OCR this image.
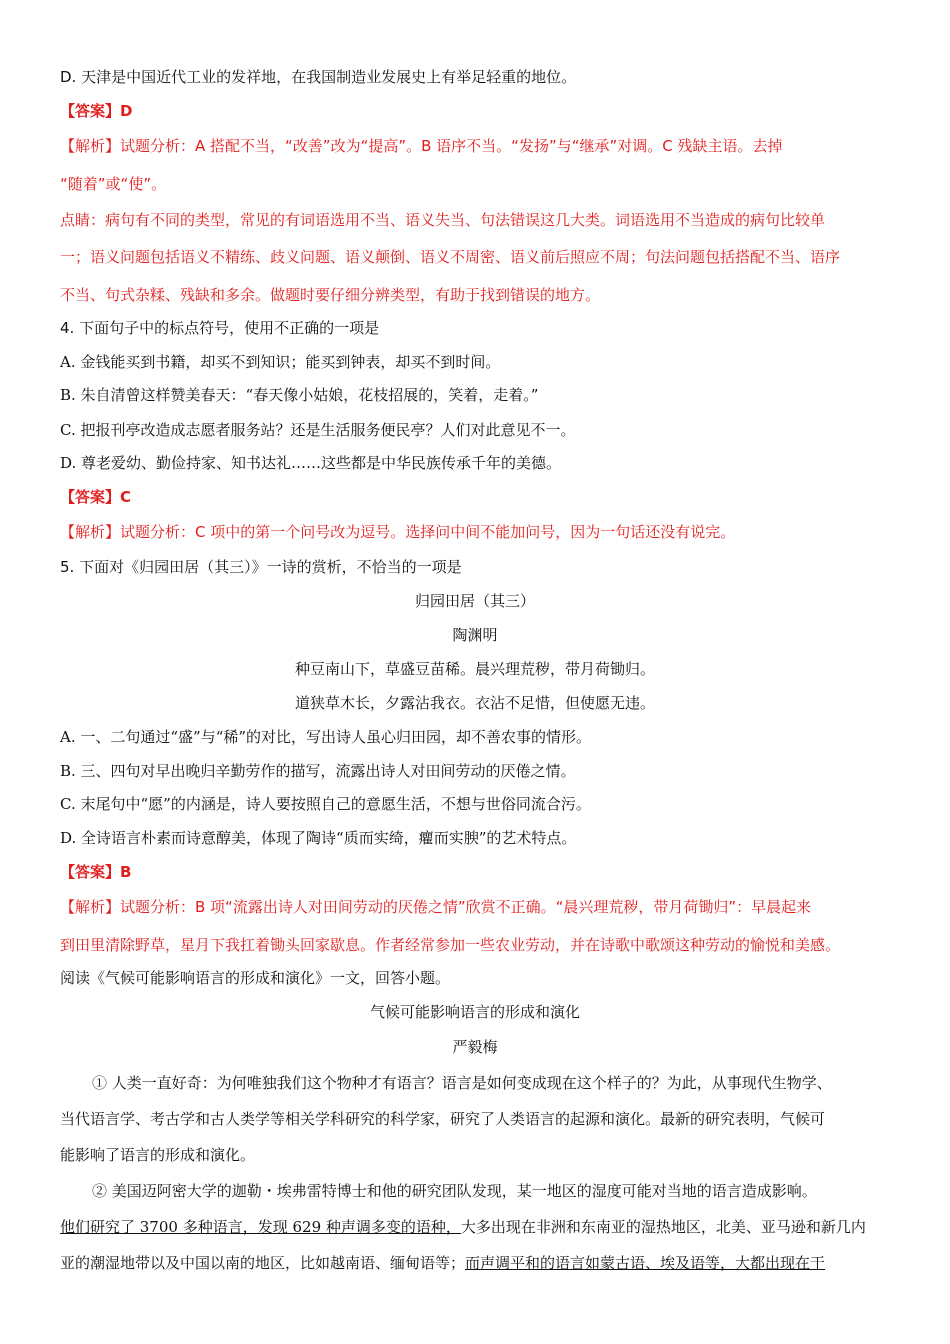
D. 天津是中国近代工业的发祥地，在我国制造业发展史上有举足轻重的地位。
【答案】D
【解析】试题分析：A 搭配不当，“改善”改为“提高”。B 语序不当。“发扬”与“继承”对调。C 残缺主语。去掉
“随着”或“使”。
点睛：病句有不同的类型，常见的有词语选用不当、语义失当、句法错误这几大类。词语选用不当造成的病句比较单
一；语义问题包括语义不精练、歧义问题、语义颠倒、语义不周密、语义前后照应不周；句法问题包括搭配不当、语序
不当、句式杂糅、残缺和多余。做题时要仔细分辨类型，有助于找到错误的地方。
4. 下面句子中的标点符号，使用不正确的一项是
A. 金钱能买到书籍，却买不到知识；能买到钟表，却买不到时间。
B. 朱自清曾这样赞美春天：“春天像小姑娘，花枝招展的，笑着，走着。”
C. 把报刊亭改造成志愿者服务站？还是生活服务便民亭？人们对此意见不一。
D. 尊老爱幼、勤俭持家、知书达礼……这些都是中华民族传承千年的美德。
【答案】C
【解析】试题分析：C 项中的第一个问号改为逗号。选择问中间不能加问号，因为一句话还没有说完。
5. 下面对《归园田居（其三）》一诗的赏析，不恰当的一项是
归园田居（其三）
陶渊明
种豆南山下，草盛豆苗稀。晨兴理荒秽，带月荷锄归。
道狭草木长，夕露沾我衣。衣沾不足惜，但使愿无违。
A. 一、二句通过“盛”与“稀”的对比，写出诗人虽心归田园，却不善农事的情形。
B. 三、四句对早出晚归辛勤劳作的描写，流露出诗人对田间劳动的厌倦之情。
C. 末尾句中“愿”的内涵是，诗人要按照自己的意愿生活，不想与世俗同流合污。
D. 全诗语言朴素而诗意醇美，体现了陶诗“质而实绮，癯而实腴”的艺术特点。
【答案】B
【解析】试题分析：B 项“流露出诗人对田间劳动的厌倦之情”欣赏不正确。“晨兴理荒秽，带月荷锄归”：早晨起来
到田里清除野草，星月下我扛着锄头回家歇息。作者经常参加一些农业劳动，并在诗歌中歌颂这种劳动的愉悦和美感。
阅读《气候可能影响语言的形成和演化》一文，回答小题。
气候可能影响语言的形成和演化
严毅梅
① 人类一直好奇：为何唯独我们这个物种才有语言？语言是如何变成现在这个样子的？为此，从事现代生物学、
当代语言学、考古学和古人类学等相关学科研究的科学家，研究了人类语言的起源和演化。最新的研究表明，气候可
能影响了语言的形成和演化。
② 美国迈阿密大学的迦勒・埃弗雷特博士和他的研究团队发现，某一地区的湿度可能对当地的语言造成影响。
他们研究了 3700 多种语言，发现 629 种声调多变的语种，大多出现在非洲和东南亚的湿热地区，北美、亚马逊和新几内
亚的潮湿地带以及中国以南的地区，比如越南语、缅甸语等；而声调平和的语言如蒙古语、埃及语等，大都出现在干
